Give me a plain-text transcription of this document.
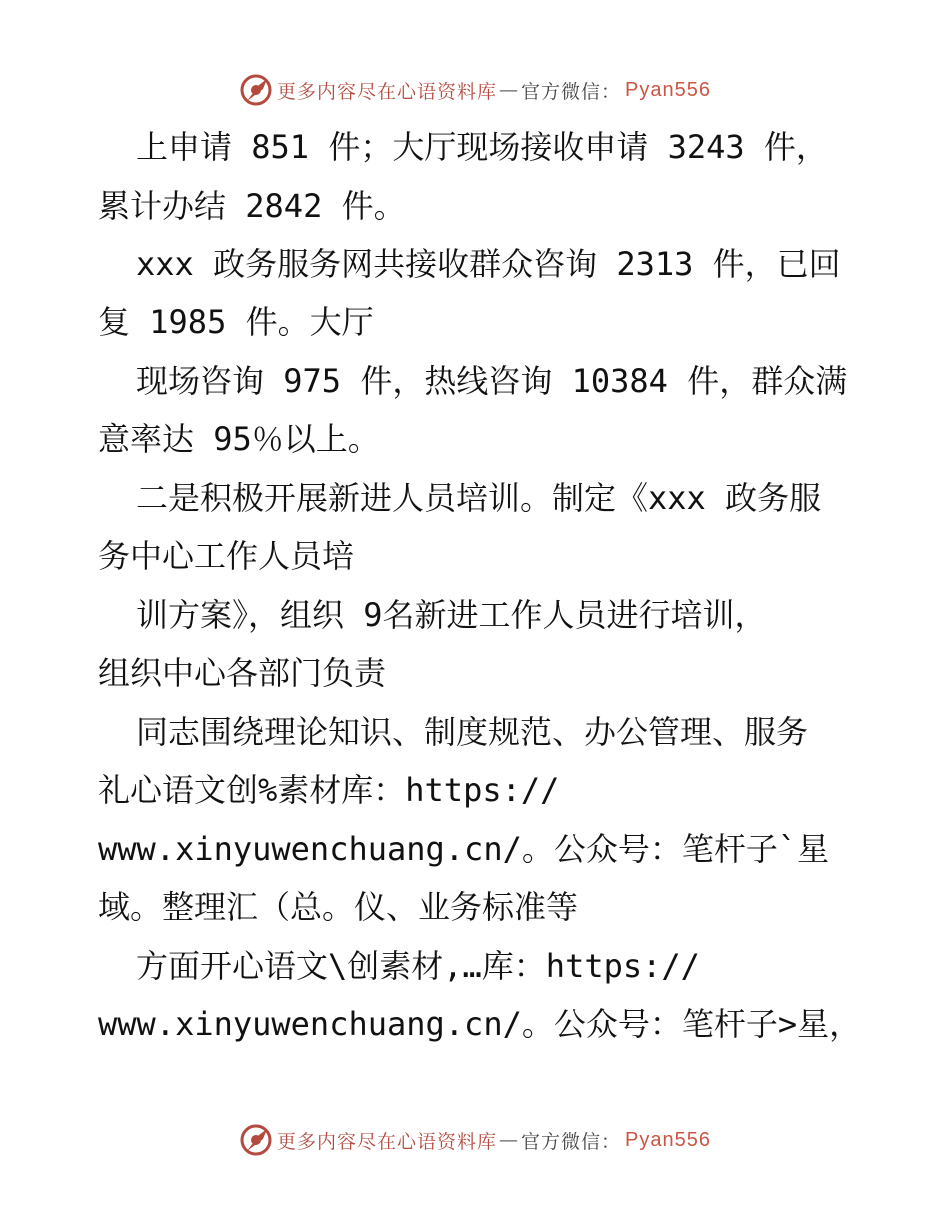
更多内容尽在心语资料库 — 官方微信： Pyan556
上申请 851 件；大厅现场接收申请 3243 件，
累计办结 2842 件。
xxx 政务服务网共接收群众咨询 2313 件，已回
复 1985 件。大厅
现场咨询 975 件，热线咨询 10384 件，群众满
意率达 95％以上。
二是积极开展新进人员培训。制定《xxx 政务服
务中心工作人员培
训方案》，组织 9名新进工作人员进行培训，
组织中心各部门负责
同志围绕理论知识、制度规范、办公管理、服务
礼心语文创%素材库：https://
www.xinyuwenchuang.cn/。公众号：笔杆子`星
域。整理汇（总。仪、业务标准等
方面开心语文\创素材,…库：https://
www.xinyuwenchuang.cn/。公众号：笔杆子>星，
更多内容尽在心语资料库 — 官方微信： Pyan556
